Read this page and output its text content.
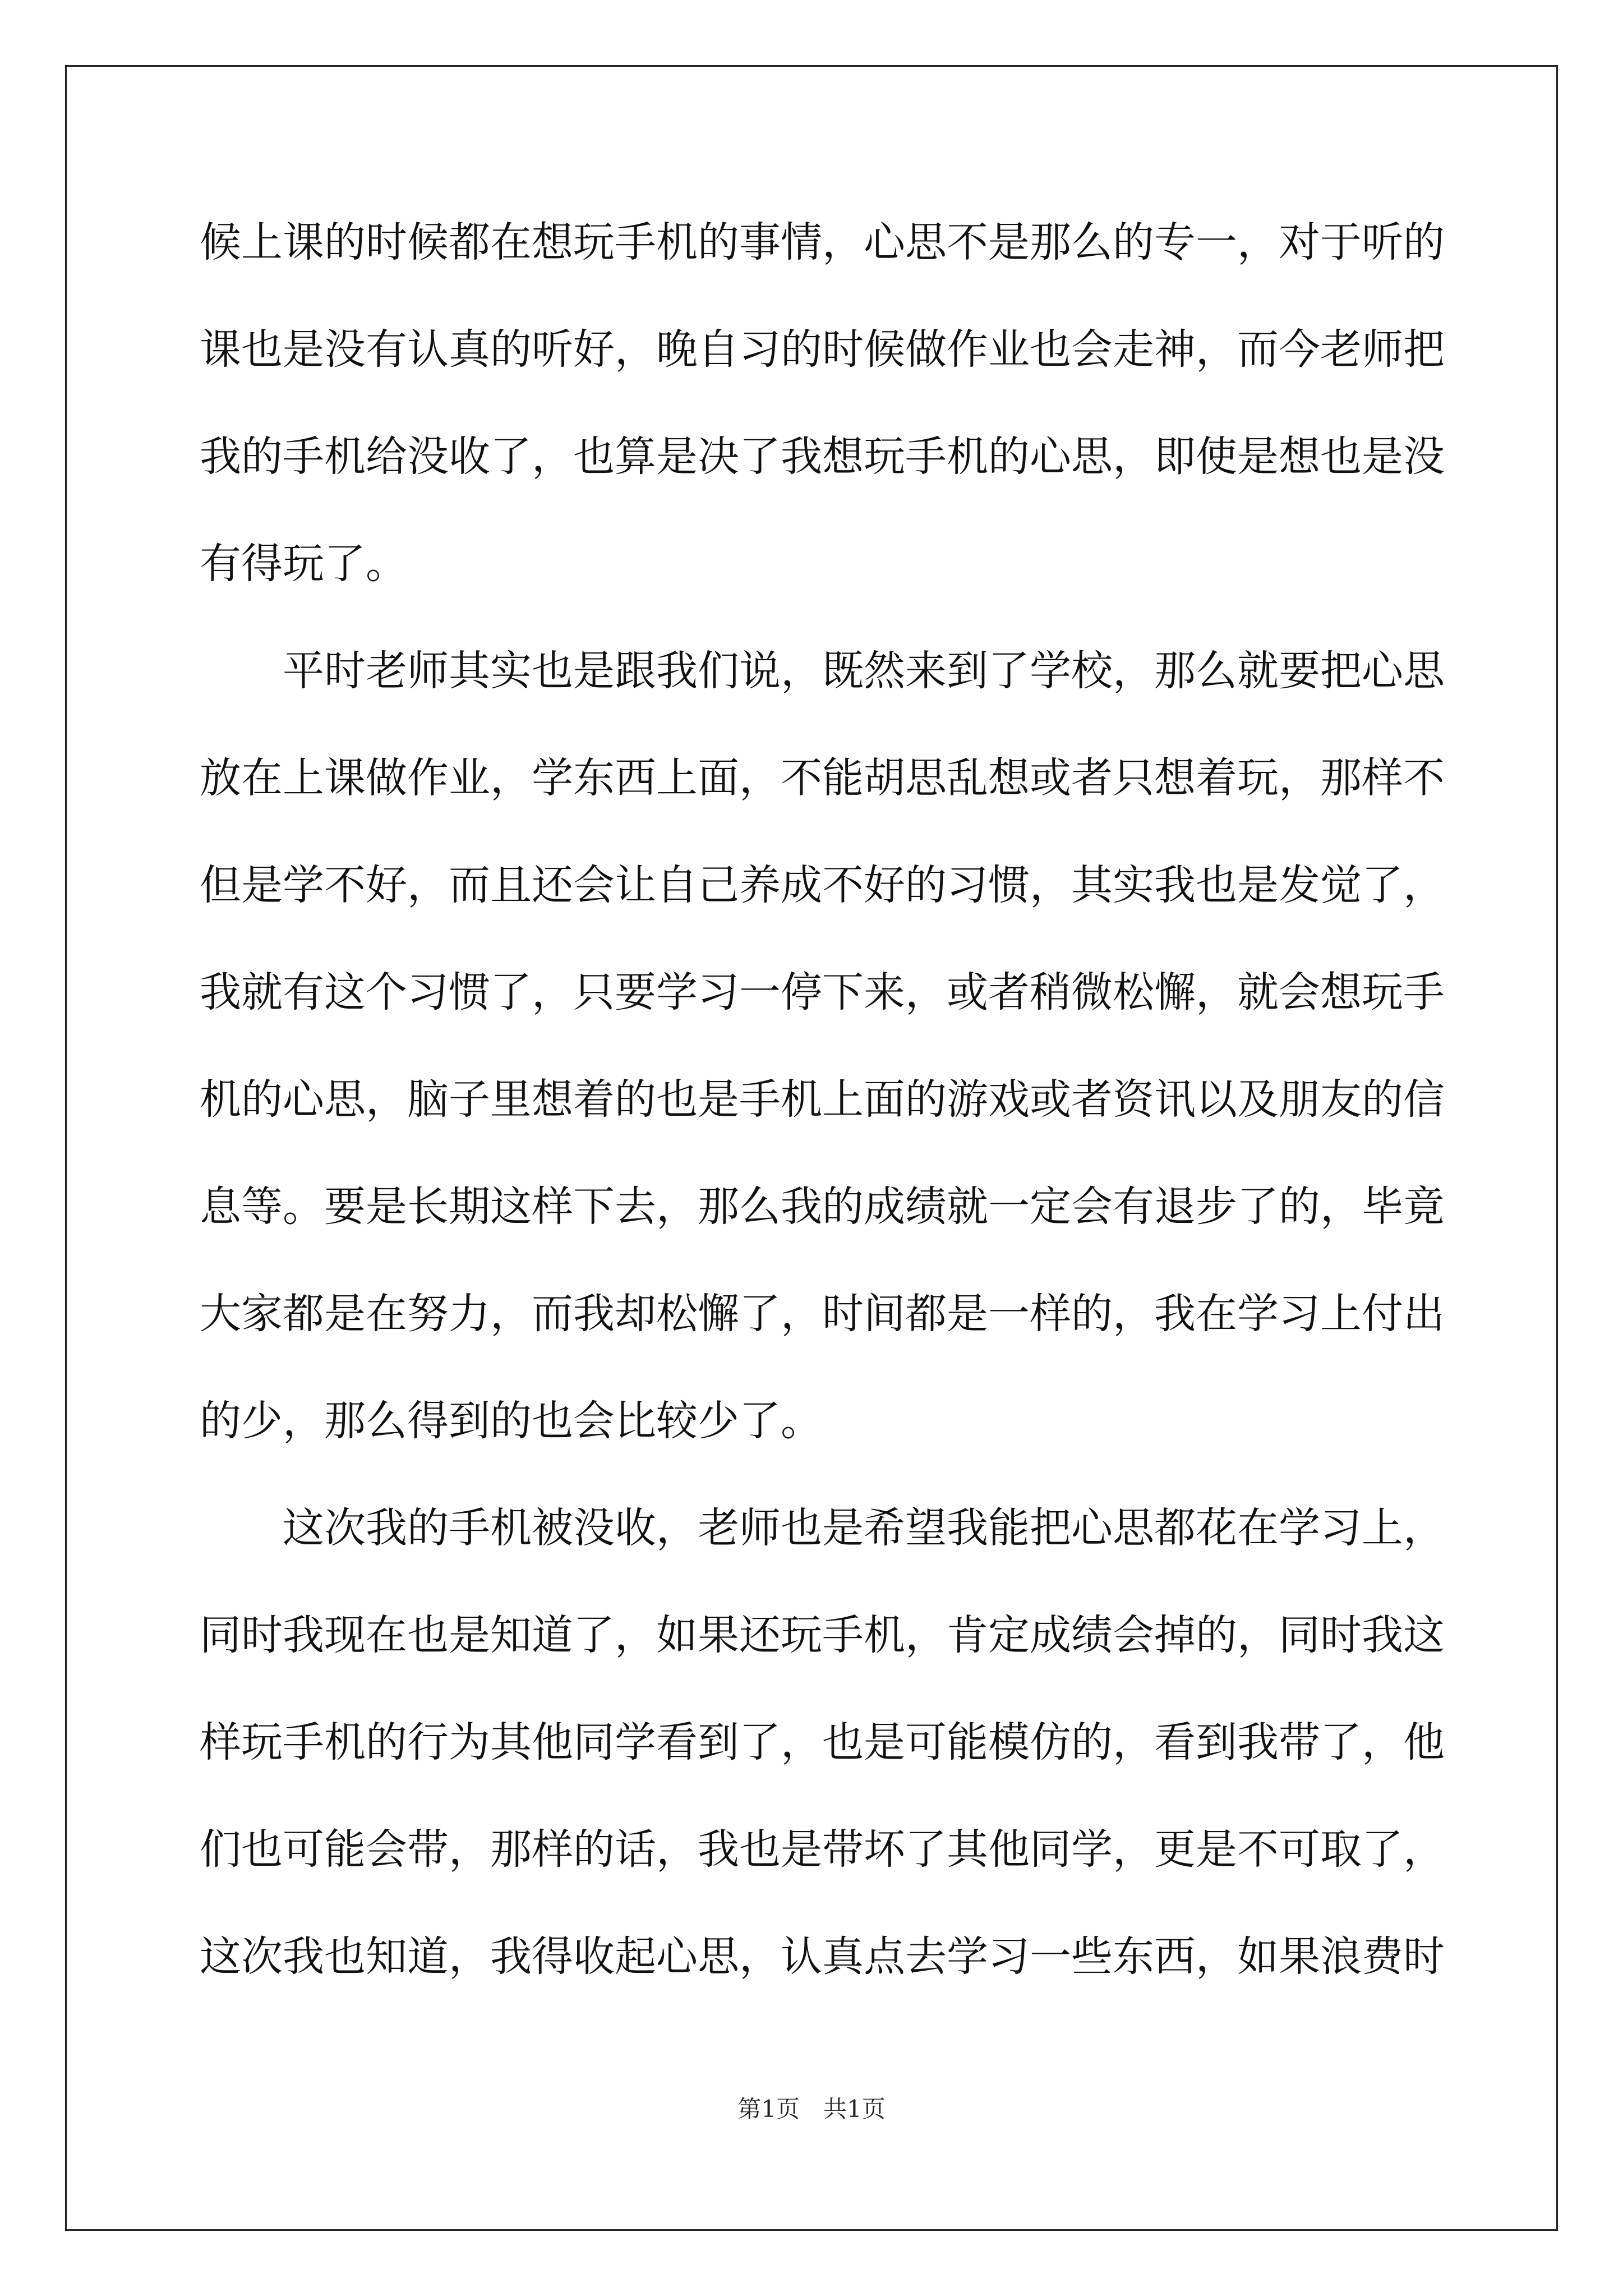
候上课的时候都在想玩手机的事情，心思不是那么的专一，对于听的
课也是没有认真的听好，晚自习的时候做作业也会走神，而今老师把
我的手机给没收了，也算是决了我想玩手机的心思，即使是想也是没
有得玩了。
　　平时老师其实也是跟我们说，既然来到了学校，那么就要把心思
放在上课做作业，学东西上面，不能胡思乱想或者只想着玩，那样不
但是学不好，而且还会让自己养成不好的习惯，其实我也是发觉了，
我就有这个习惯了，只要学习一停下来，或者稍微松懈，就会想玩手
机的心思，脑子里想着的也是手机上面的游戏或者资讯以及朋友的信
息等。要是长期这样下去，那么我的成绩就一定会有退步了的，毕竟
大家都是在努力，而我却松懈了，时间都是一样的，我在学习上付出
的少，那么得到的也会比较少了。
　　这次我的手机被没收，老师也是希望我能把心思都花在学习上，
同时我现在也是知道了，如果还玩手机，肯定成绩会掉的，同时我这
样玩手机的行为其他同学看到了，也是可能模仿的，看到我带了，他
们也可能会带，那样的话，我也是带坏了其他同学，更是不可取了，
这次我也知道，我得收起心思，认真点去学习一些东西，如果浪费时
第1页　共1页
